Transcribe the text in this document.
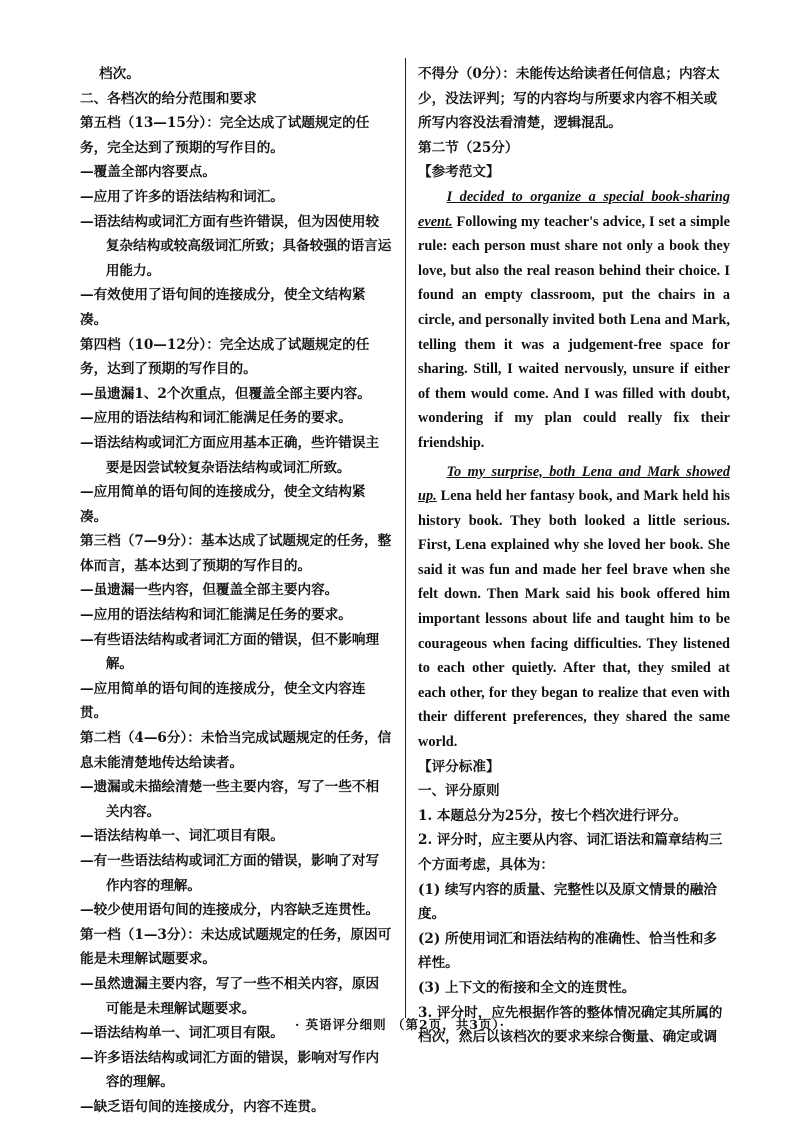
档次。
二、各档次的给分范围和要求
第五档（13—15分）：完全达成了试题规定的任务，完全达到了预期的写作目的。
—覆盖全部内容要点。
—应用了许多的语法结构和词汇。
—语法结构或词汇方面有些许错误，但为因使用较复杂结构或较高级词汇所致；具备较强的语言运用能力。
—有效使用了语句间的连接成分，使全文结构紧凑。
第四档（10—12分）：完全达成了试题规定的任务，达到了预期的写作目的。
—虽遗漏1、2个次重点，但覆盖全部主要内容。
—应用的语法结构和词汇能满足任务的要求。
—语法结构或词汇方面应用基本正确，些许错误主要是因尝试较复杂语法结构或词汇所致。
—应用简单的语句间的连接成分，使全文结构紧凑。
第三档（7—9分）：基本达成了试题规定的任务，整体而言，基本达到了预期的写作目的。
—虽遗漏一些内容，但覆盖全部主要内容。
—应用的语法结构和词汇能满足任务的要求。
—有些语法结构或者词汇方面的错误，但不影响理解。
—应用简单的语句间的连接成分，使全文内容连贯。
第二档（4—6分）：未恰当完成试题规定的任务，信息未能清楚地传达给读者。
—遗漏或未描绘清楚一些主要内容，写了一些不相关内容。
—语法结构单一、词汇项目有限。
—有一些语法结构或词汇方面的错误，影响了对写作内容的理解。
—较少使用语句间的连接成分，内容缺乏连贯性。
第一档（1—3分）：未达成试题规定的任务，原因可能是未理解试题要求。
—虽然遗漏主要内容，写了一些不相关内容，原因可能是未理解试题要求。
—语法结构单一、词汇项目有限。
—许多语法结构或词汇方面的错误，影响对写作内容的理解。
—缺乏语句间的连接成分，内容不连贯。
不得分（0分）：未能传达给读者任何信息；内容太少，没法评判；写的内容均与所要求内容不相关或所写内容没法看清楚，逻辑混乱。
第二节（25分）
【参考范文】
I decided to organize a special book-sharing event. Following my teacher's advice, I set a simple rule: each person must share not only a book they love, but also the real reason behind their choice. I found an empty classroom, put the chairs in a circle, and personally invited both Lena and Mark, telling them it was a judgement-free space for sharing. Still, I waited nervously, unsure if either of them would come. And I was filled with doubt, wondering if my plan could really fix their friendship.
To my surprise, both Lena and Mark showed up. Lena held her fantasy book, and Mark held his history book. They both looked a little serious. First, Lena explained why she loved her book. She said it was fun and made her feel brave when she felt down. Then Mark said his book offered him important lessons about life and taught him to be courageous when facing difficulties. They listened to each other quietly. After that, they smiled at each other, for they began to realize that even with their different preferences, they shared the same world.
【评分标准】
一、评分原则
1. 本题总分为25分，按七个档次进行评分。
2. 评分时，应主要从内容、词汇语法和篇章结构三个方面考虑，具体为：
(1) 续写内容的质量、完整性以及原文情景的融洽度。
(2) 所使用词汇和语法结构的准确性、恰当性和多样性。
(3) 上下文的衔接和全文的连贯性。
3. 评分时，应先根据作答的整体情况确定其所属的档次，然后以该档次的要求来综合衡量、确定或调
· 英语评分细则 （第2页，共3页）·
